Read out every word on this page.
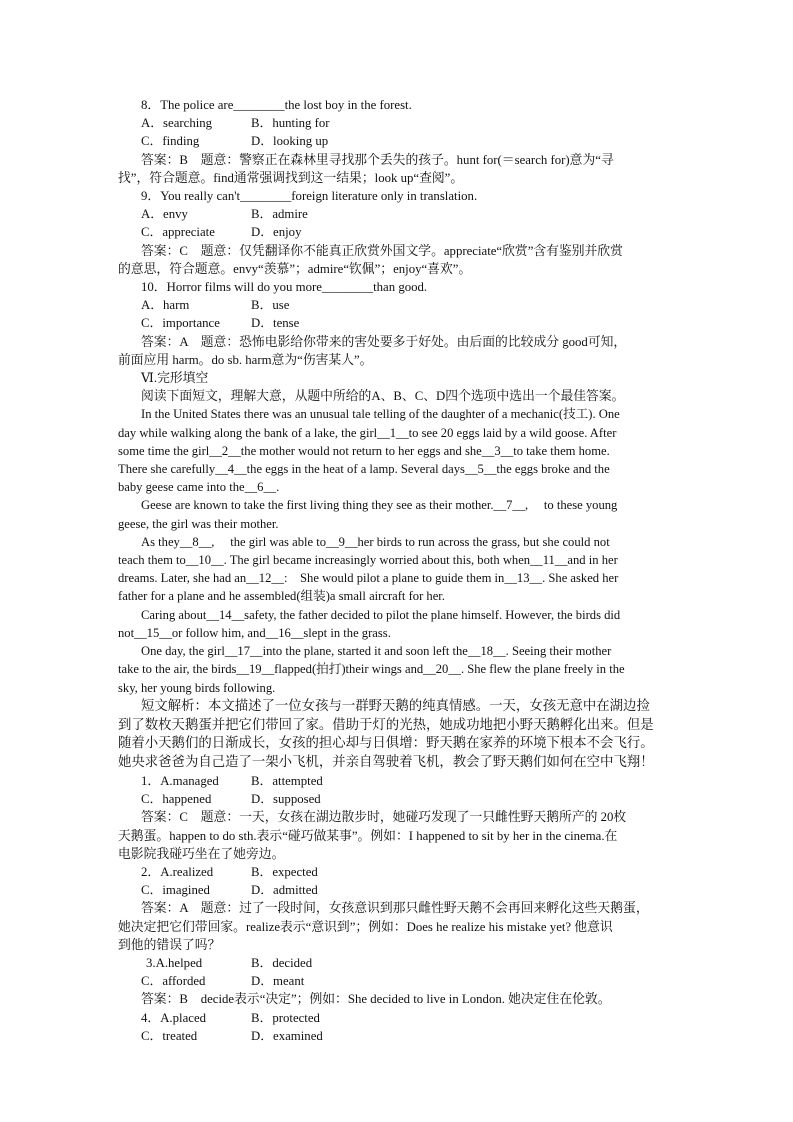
8．The police are________the lost boy in the forest.

A．searching	B．hunting for
C．finding	D．looking up

答案：B　题意：警察正在森林里寻找那个丢失的孩子。hunt for(＝search for)意为“寻

找”，符合题意。find通常强调找到这一结果；look up“查阅”。

9．You really can't________foreign literature only in translation.

A．envy	B．admire
C．appreciate	D．enjoy

答案：C　题意：仅凭翻译你不能真正欣赏外国文学。appreciate“欣赏”含有鉴别并欣赏

的意思，符合题意。envy“羡慕”；admire“钦佩”；enjoy“喜欢”。

10．Horror films will do you more________than good.

A．harm	B．use
C．importance	D．tense

答案：A　题意：恐怖电影给你带来的害处要多于好处。由后面的比较成分 good可知，

前面应用 harm。do sb. harm意为“伤害某人”。

Ⅵ.完形填空

阅读下面短文，理解大意，从题中所给的A、B、C、D四个选项中选出一个最佳答案。

In the United States there was an unusual tale telling of the daughter of a mechanic(技工). One

day while walking along the bank of a lake, the girl__1__to see 20 eggs laid by a wild goose. After

some time the girl__2__the mother would not return to her eggs and she__3__to take them home.

There she carefully__4__the eggs in the heat of a lamp. Several days__5__the eggs broke and the

baby geese came into the__6__.

Geese are known to take the first living thing they see as their mother.__7__,　 to these young

geese, the girl was their mother.

As they__8__,　 the girl was able to__9__her birds to run across the grass, but she could not

teach them to__10__. The girl became increasingly worried about this, both when__11__and in her

dreams. Later, she had an__12__:　She would pilot a plane to guide them in__13__. She asked her

father for a plane and he assembled(组装)a small aircraft for her.

Caring about__14__safety, the father decided to pilot the plane himself. However, the birds did

not__15__or follow him, and__16__slept in the grass.

One day, the girl__17__into the plane, started it and soon left the__18__. Seeing their mother

take to the air, the birds__19__flapped(拍打)their wings and__20__. She flew the plane freely in the

sky, her young birds following.

短文解析：本文描述了一位女孩与一群野天鹅的纯真情感。一天，女孩无意中在湖边捡

到了数枚天鹅蛋并把它们带回了家。借助于灯的光热，她成功地把小野天鹅孵化出来。但是

随着小天鹅们的日渐成长，女孩的担心却与日俱增：野天鹅在家养的环境下根本不会飞行。

她央求爸爸为自己造了一架小飞机，并亲自驾驶着飞机，教会了野天鹅们如何在空中飞翔！

1．A.managed	B．attempted
C．happened	D．supposed

答案：C　题意：一天，女孩在湖边散步时，她碰巧发现了一只雌性野天鹅所产的 20枚

天鹅蛋。happen to do sth.表示“碰巧做某事”。例如：I happened to sit by her in the cinema.在

电影院我碰巧坐在了她旁边。

2．A.realized	B．expected
C．imagined	D．admitted

答案：A　题意：过了一段时间，女孩意识到那只雌性野天鹅不会再回来孵化这些天鹅蛋，

她决定把它们带回家。realize表示“意识到”；例如：Does he realize his mistake yet? 他意识

到他的错误了吗？

3.A.helped	B．decided
C．afforded	D．meant

答案：B　decide表示“决定”；例如：She decided to live in London. 她决定住在伦敦。

4．A.placed	B．protected
C．treated	D．examined
